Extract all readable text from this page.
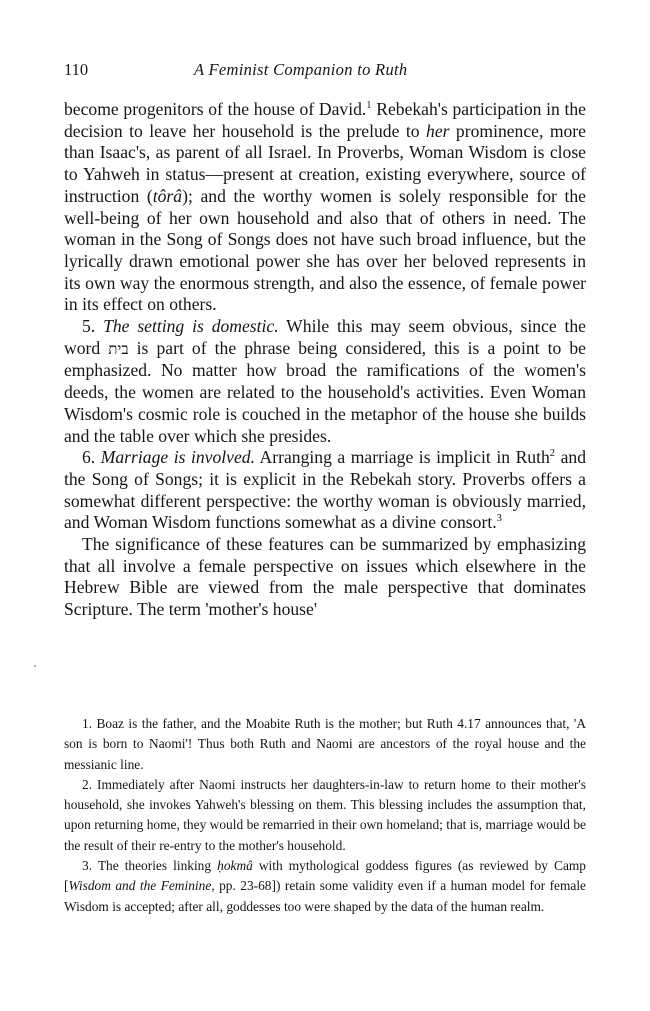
110	A Feminist Companion to Ruth

become progenitors of the house of David.$^1$ Rebekah's participation in the decision to leave her household is the prelude to her prominence, more than Isaac's, as parent of all Israel. In Proverbs, Woman Wisdom is close to Yahweh in status—present at creation, existing everywhere, source of instruction (tôrâ); and the worthy women is solely responsible for the well-being of her own household and also that of others in need. The woman in the Song of Songs does not have such broad influence, but the lyrically drawn emotional power she has over her beloved represents in its own way the enormous strength, and also the essence, of female power in its effect on others.

5. The setting is domestic. While this may seem obvious, since the word בית is part of the phrase being considered, this is a point to be emphasized. No matter how broad the ramifications of the women's deeds, the women are related to the household's activities. Even Woman Wisdom's cosmic role is couched in the metaphor of the house she builds and the table over which she presides.

6. Marriage is involved. Arranging a marriage is implicit in Ruth$^2$ and the Song of Songs; it is explicit in the Rebekah story. Proverbs offers a somewhat different perspective: the worthy woman is obviously married, and Woman Wisdom functions somewhat as a divine consort.$^3$

The significance of these features can be summarized by emphasizing that all involve a female perspective on issues which elsewhere in the Hebrew Bible are viewed from the male perspective that dominates Scripture. The term 'mother's house'

1. Boaz is the father, and the Moabite Ruth is the mother; but Ruth 4.17 announces that, 'A son is born to Naomi'! Thus both Ruth and Naomi are ancestors of the royal house and the messianic line.

2. Immediately after Naomi instructs her daughters-in-law to return home to their mother's household, she invokes Yahweh's blessing on them. This blessing includes the assumption that, upon returning home, they would be remarried in their own homeland; that is, marriage would be the result of their re-entry to the mother's household.

3. The theories linking ḥokmâ with mythological goddess figures (as reviewed by Camp [Wisdom and the Feminine, pp. 23-68]) retain some validity even if a human model for female Wisdom is accepted; after all, goddesses too were shaped by the data of the human realm.
